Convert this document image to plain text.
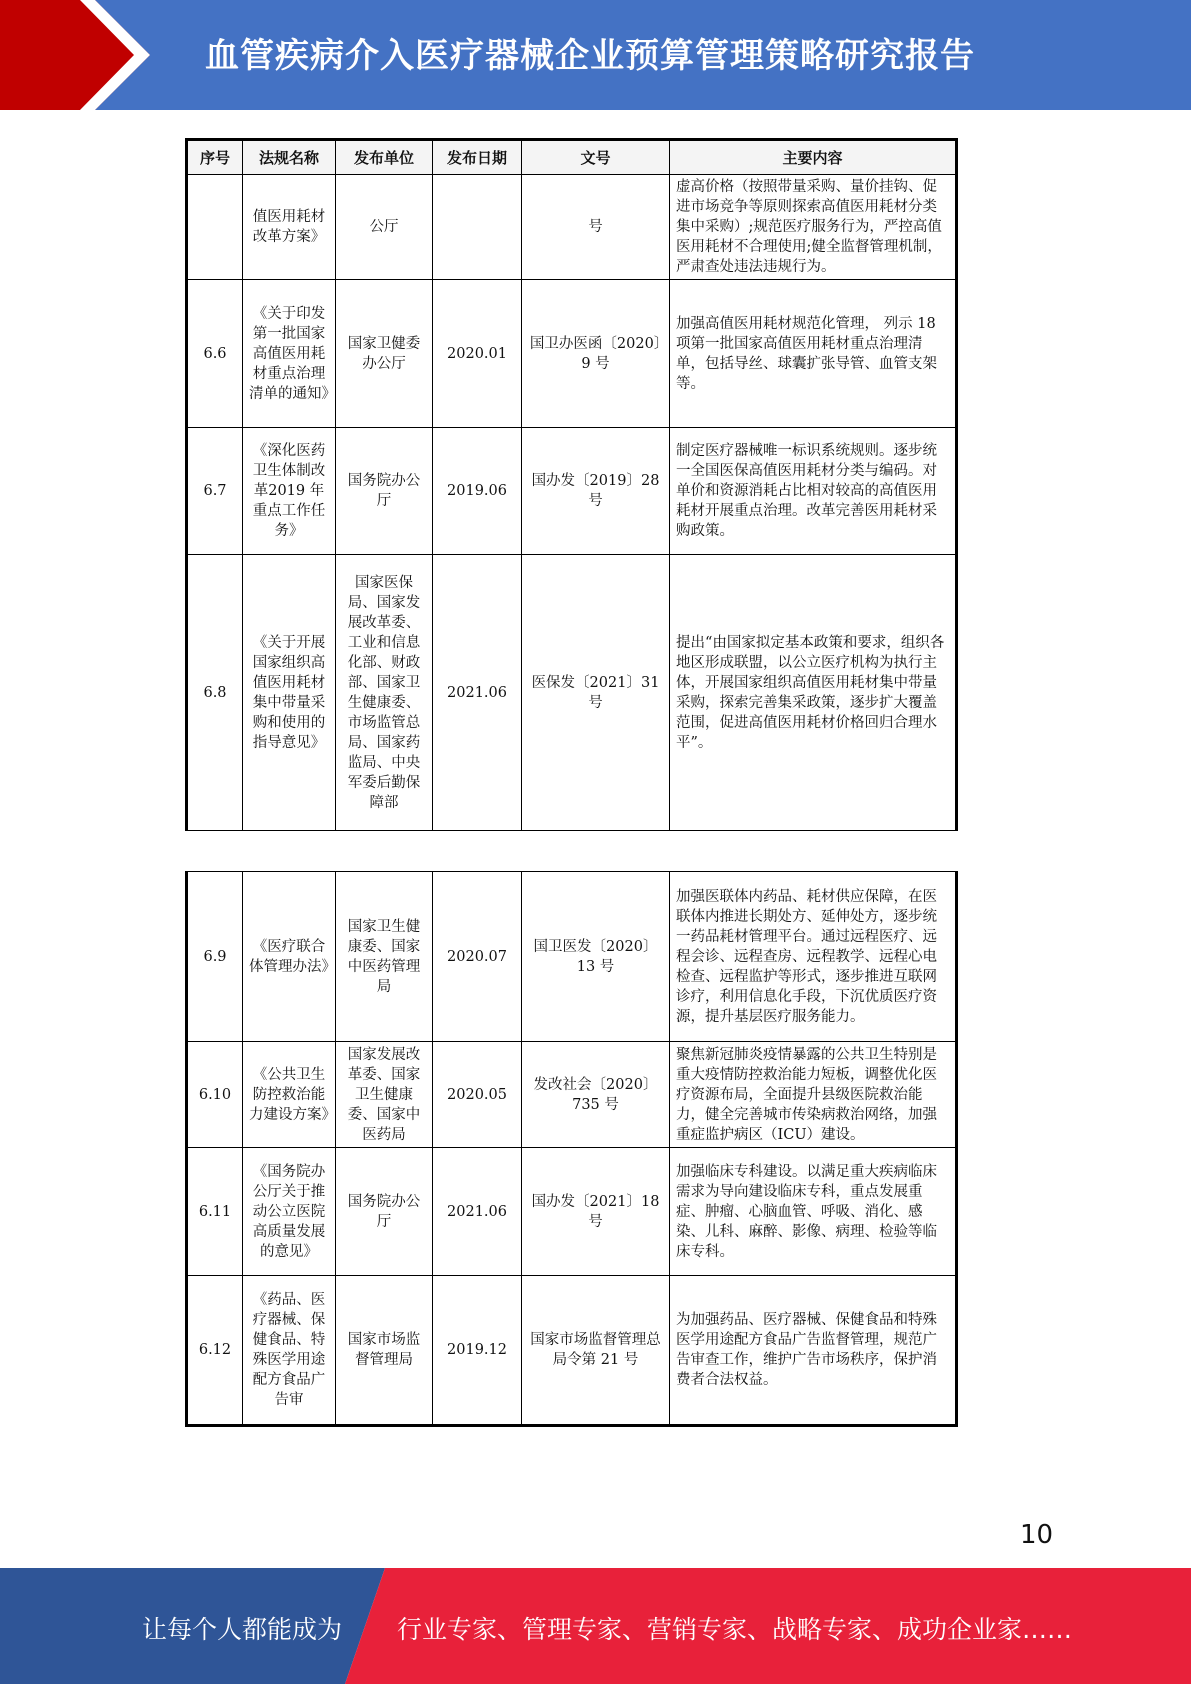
血管疾病介入医疗器械企业预算管理策略研究报告
序号	法规名称	发布单位	发布日期	文号	主要内容
	值医用耗材改革方案》	公厅		号	虚高价格（按照带量采购、量价挂钩、促进市场竞争等原则探索高值医用耗材分类集中采购）;规范医疗服务行为，严控高值医用耗材不合理使用;健全监督管理机制，严肃查处违法违规行为。
6.6	《关于印发第一批国家高值医用耗材重点治理清单的通知》	国家卫健委办公厅	2020.01	国卫办医函〔2020〕9 号	加强高值医用耗材规范化管理， 列示 18 项第一批国家高值医用耗材重点治理清单，包括导丝、球囊扩张导管、血管支架等。
6.7	《深化医药卫生体制改革2019 年重点工作任务》	国务院办公厅	2019.06	国办发〔2019〕28 号	制定医疗器械唯一标识系统规则。逐步统一全国医保高值医用耗材分类与编码。对单价和资源消耗占比相对较高的高值医用耗材开展重点治理。改革完善医用耗材采购政策。
6.8	《关于开展国家组织高值医用耗材集中带量采购和使用的指导意见》	国家医保局、国家发展改革委、工业和信息化部、财政部、国家卫生健康委、市场监管总局、国家药监局、中央军委后勤保障部	2021.06	医保发〔2021〕31 号	提出“由国家拟定基本政策和要求，组织各地区形成联盟，以公立医疗机构为执行主体，开展国家组织高值医用耗材集中带量采购，探索完善集采政策，逐步扩大覆盖范围，促进高值医用耗材价格回归合理水平”。
6.9	《医疗联合体管理办法》	国家卫生健康委、国家中医药管理局	2020.07	国卫医发〔2020〕13 号	加强医联体内药品、耗材供应保障，在医联体内推进长期处方、延伸处方，逐步统一药品耗材管理平台。通过远程医疗、远程会诊、远程查房、远程教学、远程心电检查、远程监护等形式，逐步推进互联网诊疗，利用信息化手段，下沉优质医疗资源，提升基层医疗服务能力。
6.10	《公共卫生防控救治能力建设方案》	国家发展改革委、国家卫生健康委、国家中医药局	2020.05	发改社会〔2020〕735 号	聚焦新冠肺炎疫情暴露的公共卫生特别是重大疫情防控救治能力短板，调整优化医疗资源布局，全面提升县级医院救治能力，健全完善城市传染病救治网络，加强重症监护病区（ICU）建设。
6.11	《国务院办公厅关于推动公立医院高质量发展的意见》	国务院办公厅	2021.06	国办发〔2021〕18 号	加强临床专科建设。以满足重大疾病临床需求为导向建设临床专科，重点发展重症、肿瘤、心脑血管、呼吸、消化、感染、儿科、麻醉、影像、病理、检验等临床专科。
6.12	《药品、医疗器械、保健食品、特殊医学用途配方食品广告审	国家市场监督管理局	2019.12	国家市场监督管理总局令第 21 号	为加强药品、医疗器械、保健食品和特殊医学用途配方食品广告监督管理，规范广告审查工作，维护广告市场秩序，保护消费者合法权益。
10
让每个人都能成为 行业专家、管理专家、营销专家、战略专家、成功企业家……
